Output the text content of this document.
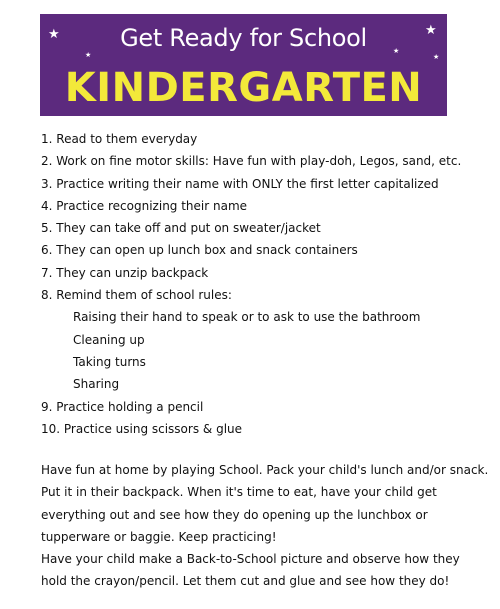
★
★
★
★
★
Get Ready for School
KINDERGARTEN
1. Read to them everyday
2. Work on fine motor skills: Have fun with play-doh, Legos, sand, etc.
3. Practice writing their name with ONLY the first letter capitalized
4. Practice recognizing their name
5. They can take off and put on sweater/jacket
6. They can open up lunch box and snack containers
7. They can unzip backpack
8. Remind them of school rules:
Raising their hand to speak or to ask to use the bathroom
Cleaning up
Taking turns
Sharing
9. Practice holding a pencil
10. Practice using scissors & glue

Have fun at home by playing School. Pack your child's lunch and/or snack.

Put it in their backpack. When it's time to eat, have your child get

everything out and see how they do opening up the lunchbox or

tupperware or baggie. Keep practicing!

Have your child make a Back-to-School picture and observe how they

hold the crayon/pencil. Let them cut and glue and see how they do!
